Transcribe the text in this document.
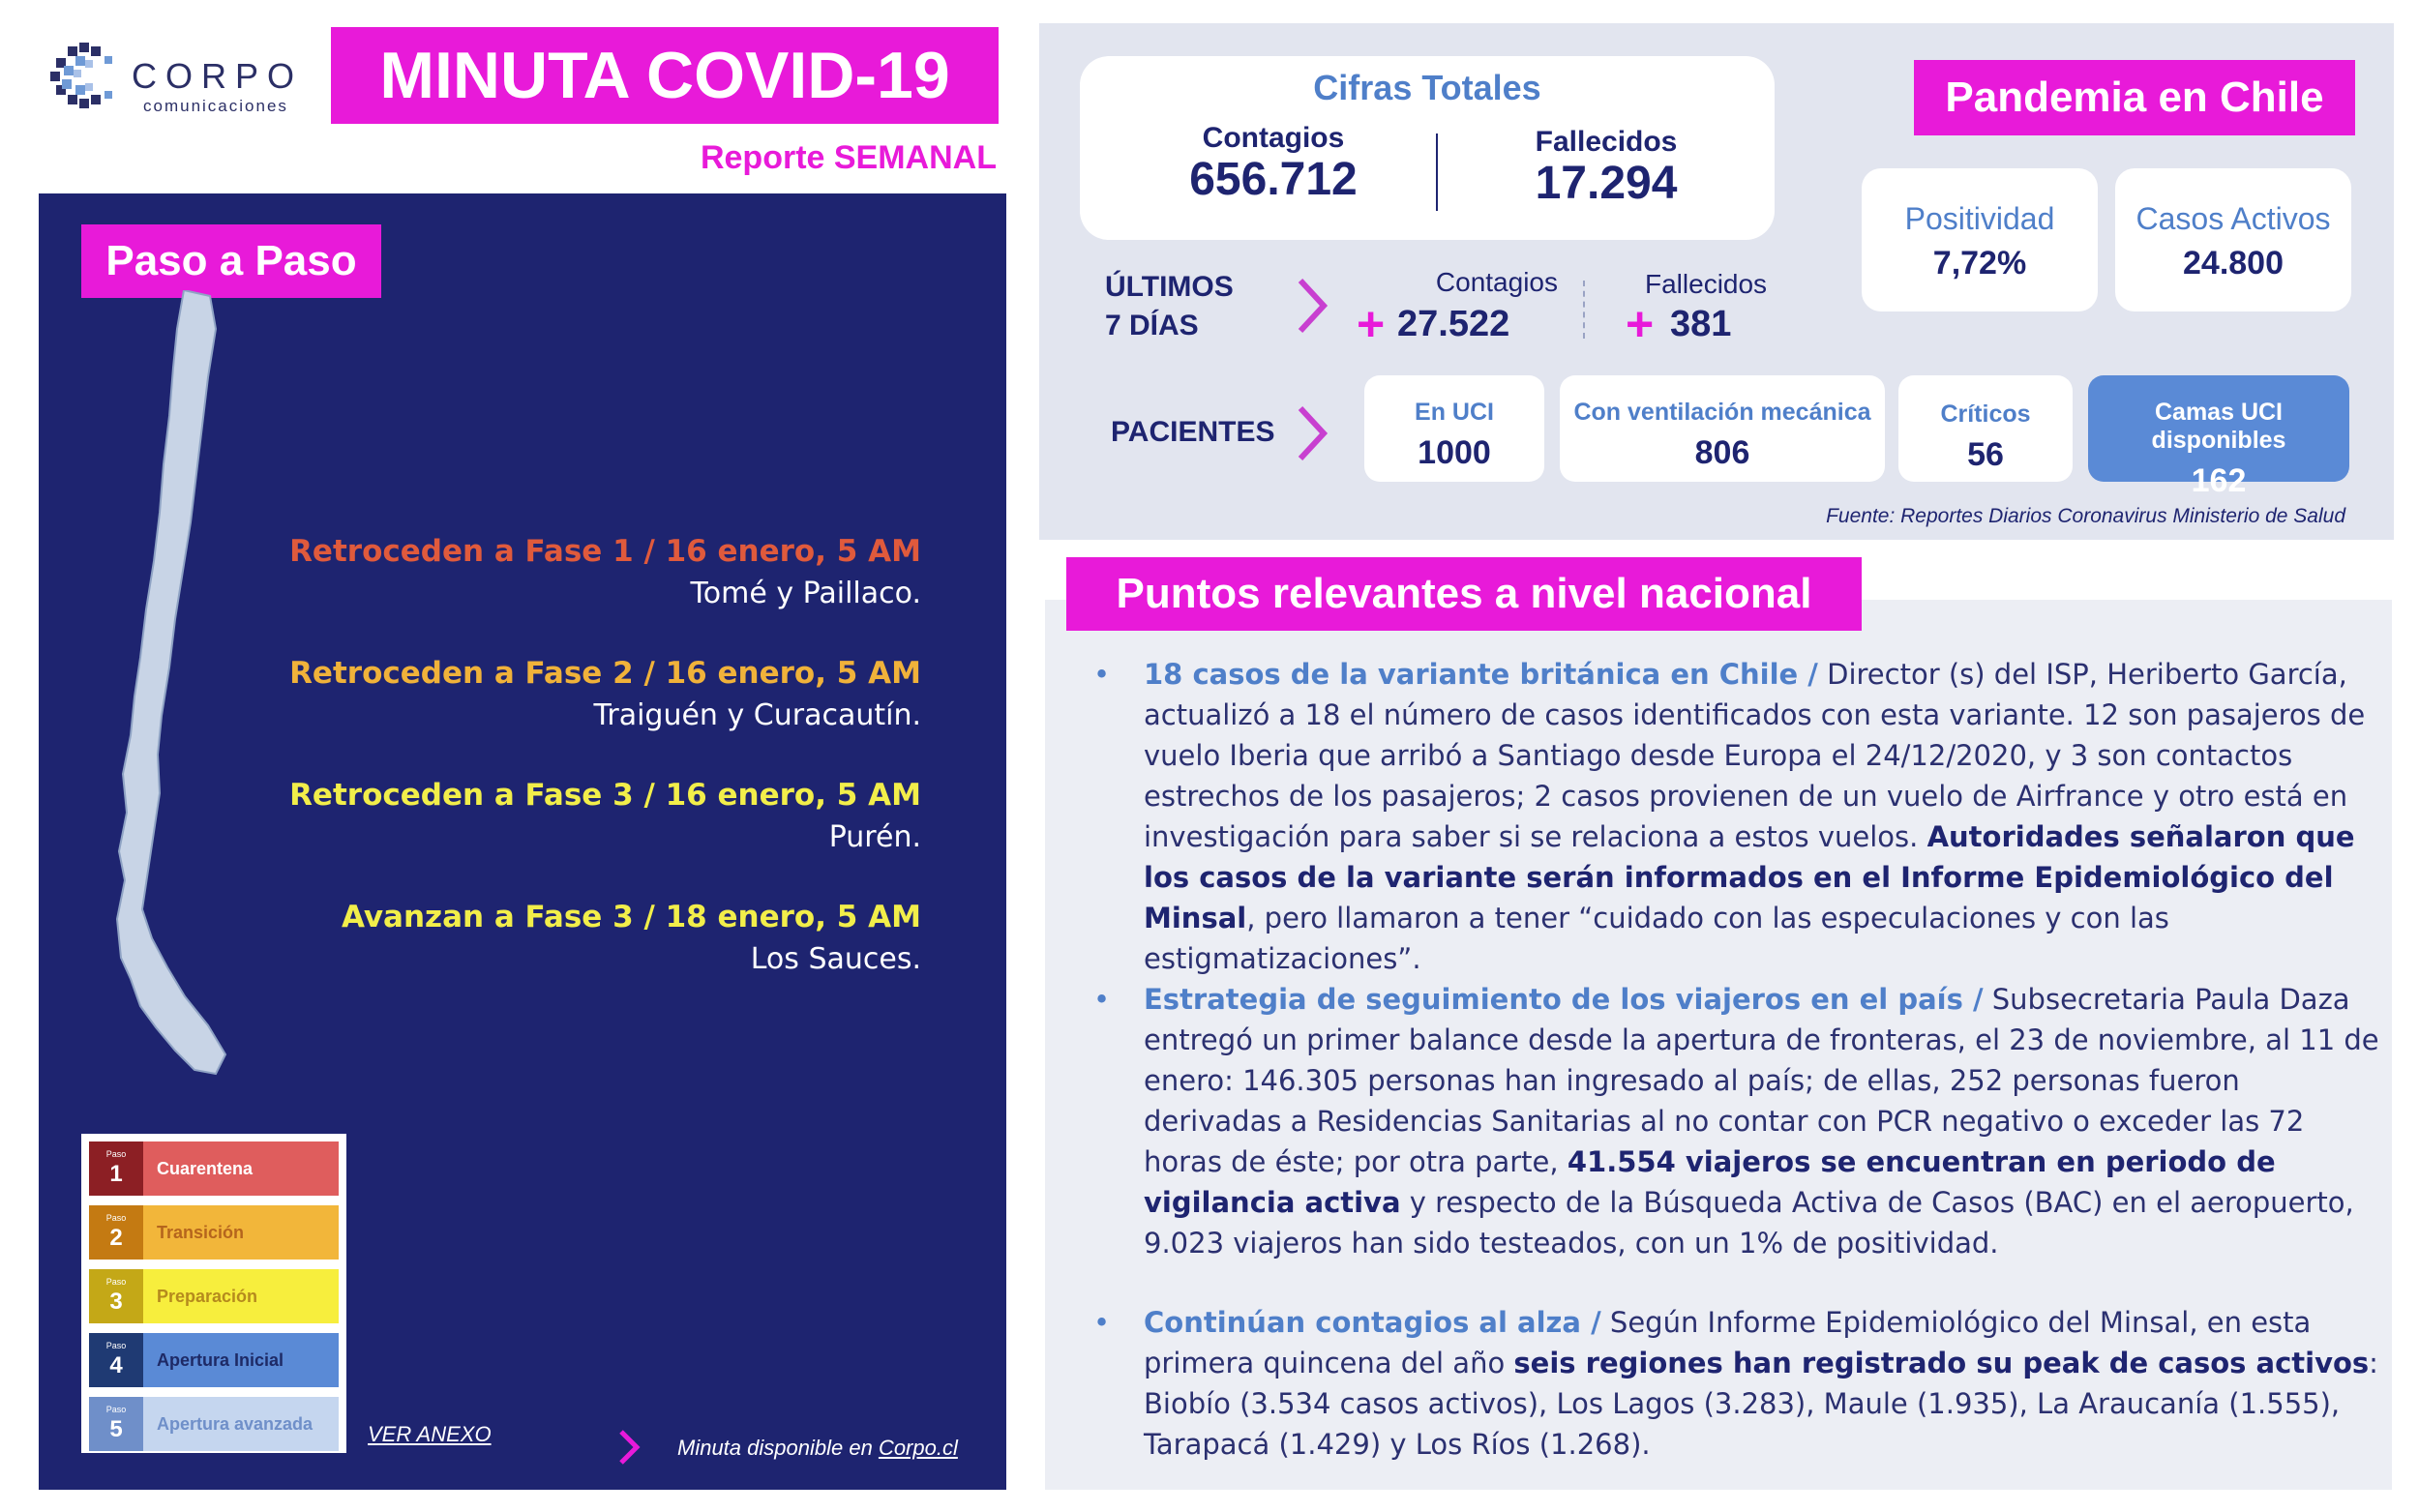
CORPO
comunicaciones	MINUTA COVID-19
Reporte SEMANAL
Paso a Paso
Retroceden a Fase 1 / 16 enero, 5 AM
Tomé y Paillaco.
Retroceden a Fase 2 / 16 enero, 5 AM
Traiguén y Curacautín.
Retroceden a Fase 3 / 16 enero, 5 AM
Purén.
Avanzan a Fase 3 / 18 enero, 5 AM
Los Sauces.
Paso
1	Cuarentena
Paso
2	Transición
Paso
3	Preparación
Paso
4	Apertura Inicial
Paso
5	Apertura avanzada	VER ANEXO
Minuta disponible en Corpo.cl
Cifras Totales
Contagios
656.712
Fallecidos
17.294
Pandemia en Chile
Positividad
7,72%
Casos Activos
24.800
ÚLTIMOS
7 DÍAS
Contagios
+ 27.522
Fallecidos
+ 381
PACIENTES
En UCI
1000
Con ventilación mecánica
806
Críticos
56
Camas UCI disponibles
162
Fuente: Reportes Diarios Coronavirus Ministerio de Salud
Puntos relevantes a nivel nacional
• 18 casos de la variante británica en Chile / Director (s) del ISP, Heriberto García, actualizó a 18 el número de casos identificados con esta variante. 12 son pasajeros de vuelo Iberia que arribó a Santiago desde Europa el 24/12/2020, y 3 son contactos estrechos de los pasajeros; 2 casos provienen de un vuelo de Airfrance y otro está en investigación para saber si se relaciona a estos vuelos. Autoridades señalaron que los casos de la variante serán informados en el Informe Epidemiológico del Minsal, pero llamaron a tener “cuidado con las especulaciones y con las estigmatizaciones”.
• Estrategia de seguimiento de los viajeros en el país / Subsecretaria Paula Daza entregó un primer balance desde la apertura de fronteras, el 23 de noviembre, al 11 de enero: 146.305 personas han ingresado al país; de ellas, 252 personas fueron derivadas a Residencias Sanitarias al no contar con PCR negativo o exceder las 72 horas de éste; por otra parte, 41.554 viajeros se encuentran en periodo de vigilancia activa y respecto de la Búsqueda Activa de Casos (BAC) en el aeropuerto, 9.023 viajeros han sido testeados, con un 1% de positividad.
• Continúan contagios al alza / Según Informe Epidemiológico del Minsal, en esta primera quincena del año seis regiones han registrado su peak de casos activos: Biobío (3.534 casos activos), Los Lagos (3.283), Maule (1.935), La Araucanía (1.555), Tarapacá (1.429) y Los Ríos (1.268).
